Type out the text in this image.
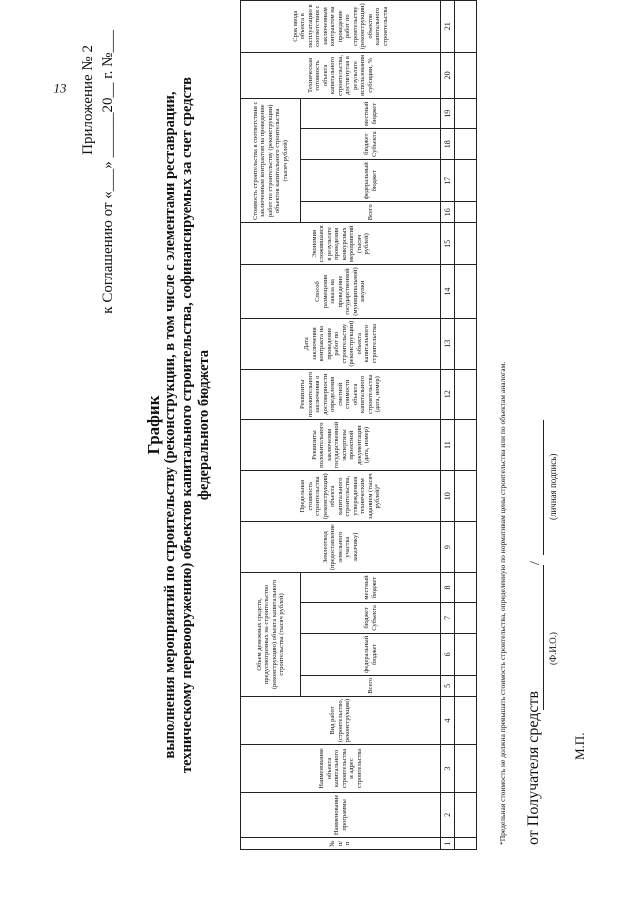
13 Приложение № 2 к Соглашению от «___» ______20__ г. №___
График выполнения мероприятий по строительству (реконструкции, в том числе с элементами реставрации, техническому перевооружению) объектов капитального строительства, софинансируемых за счет средств федерального бюджета
№ п/п	Наименование программы	Наименование объекта капитального строительства и адрес строительства	Вид работ (строительство, реконструкция)	Объем денежных средств, предусмотренных на строительство (реконструкцию) объекта капитального строительства (тысяч рублей)				Землеотвод (предоставление земельного участка заказчику)	Предельная стоимость строительства (реконструкции) объекта капитального строительства, утвержденная техническим заданием (тысяч рублей)*	Реквизиты положительного заключения государственной экспертизы проектной документации (дата, номер)	Реквизиты положительного заключения о достоверности определения сметной стоимости объекта капитального строительства (дата, номер)	Дата заключения контракта на проведение работ по строительству (реконструкции) объекта капитального строительства	Способ размещения заказа на проведение государственной (муниципальной) закупки	Экономия сложившаяся в результате проведения конкурсных мероприятий (тысяч рублей)	Стоимость строительства в соответствии с заключенным контрактом на проведение работ по строительству (реконструкции) объектов капитального строительства (тысяч рублей)				Техническая готовность объекта капитального строительства, достигнутая в результате использования субсидии, %	Срок ввода объекта в эксплуатацию в соответствии с заключенным контрактом на проведение работ по строительству (реконструкции) объектов капитального строительства
				Всего	федеральный бюджет	бюджет Субъекта	местный бюджет								Всего	федеральный бюджет	бюджет Субъекта	местный бюджет		
1	2	3	4	5	6	7	8	9	10	11	12	13	14	15	16	17	18	19	20	21

*Предельная стоимость не должна превышать стоимость строительства, определенную по нормативам цены строительства или по объектам аналогам. от Получателя средств
/
(Ф.И.О.)
(личная подпись)
М.П.
